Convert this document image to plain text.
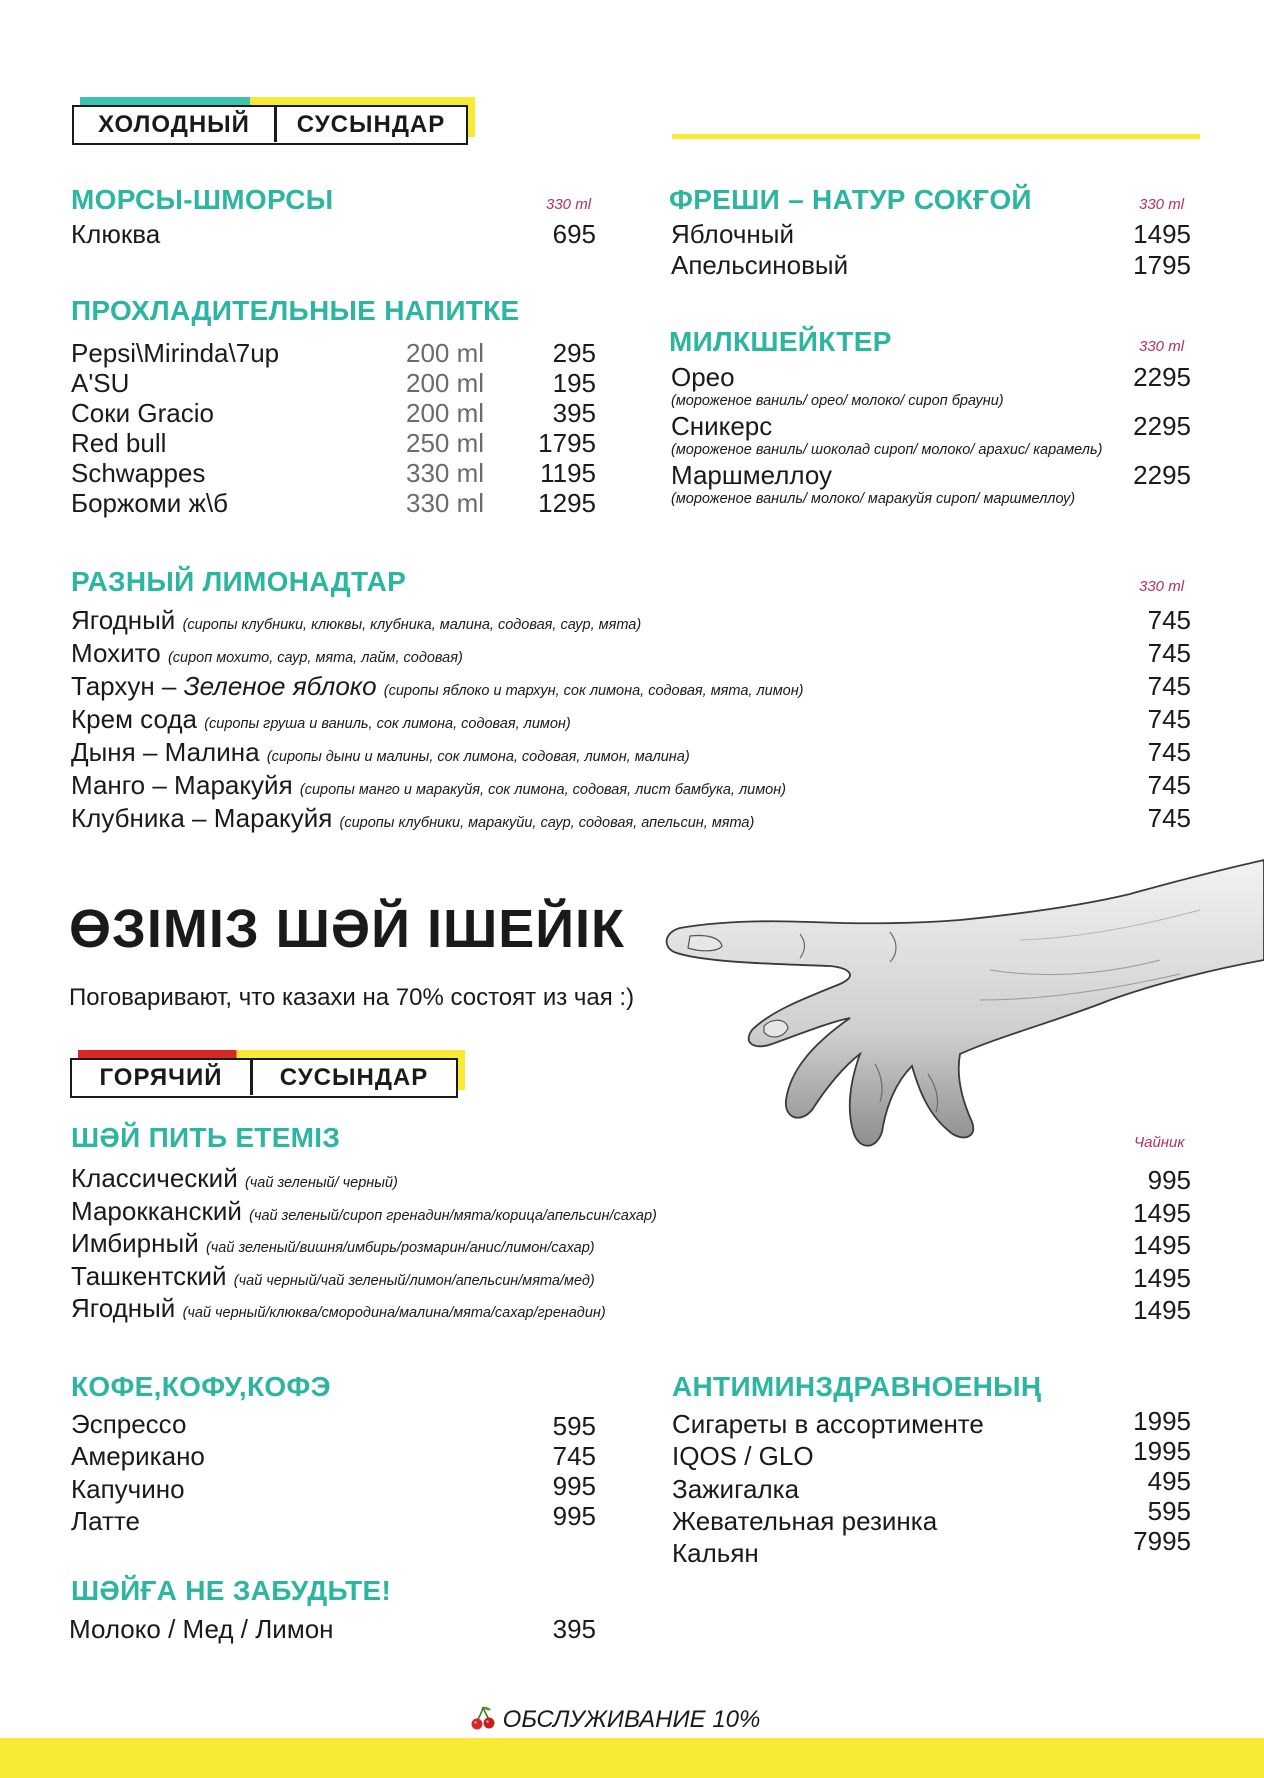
ХОЛОДНЫЙ	СУСЫНДАР
МОРСЫ-ШМОРСЫ	330 ml
Клюква	695
ФРЕШИ – НАТУР СОКҒОЙ	330 ml
Яблочный	1495
Апельсиновый	1795
ПРОХЛАДИТЕЛЬНЫЕ НАПИТКЕ
Pepsi\Mirinda\7up	200 ml	295
A'SU	200 ml	195
Соки Gracio	200 ml	395
Red bull	250 ml 1795
Schwappes	330 ml 1195
Боржоми ж\б	330 ml 1295
МИЛКШЕЙКТЕР	330 ml
Орео	2295
(мороженое ваниль/ орео/ молоко/ сироп брауни)
Сникерс	2295
(мороженое ваниль/ шоколад сироп/ молоко/ арахис/ карамель)
Маршмеллоу	2295
(мороженое ваниль/ молоко/ маракуйя сироп/ маршмеллоу)
РАЗНЫЙ ЛИМОНАДТАР	330 ml
Ягодный (сиропы клубники, клюквы, клубника, малина, содовая, саур, мята)	745
Мохито (сироп мохито, саур, мята, лайм, содовая)	745
Тархун – Зеленое яблоко (сиропы яблоко и тархун, сок лимона, содовая, мята, лимон)	745
Крем сода (сиропы груша и ваниль, сок лимона, содовая, лимон)	745
Дыня – Малина (сиропы дыни и малины, сок лимона, содовая, лимон, малина)	745
Манго – Маракуйя (сиропы манго и маракуйя, сок лимона, содовая, лист бамбука, лимон)	745
Клубника – Маракуйя (сиропы клубники, маракуйи, саур, содовая, апельсин, мята)	745
ӨЗІМІЗ ШӘЙ ІШЕЙІК
Поговаривают, что казахи на 70% состоят из чая :)
ГОРЯЧИЙ	СУСЫНДАР
ШӘЙ ПИТЬ ЕТЕМІЗ	Чайник
Классический (чай зеленый/ черный)	995
Марокканский (чай зеленый/сироп гренадин/мята/корица/апельсин/сахар)	1495
Имбирный (чай зеленый/вишня/имбирь/розмарин/анис/лимон/сахар)	1495
Ташкентский (чай черный/чай зеленый/лимон/апельсин/мята/мед)	1495
Ягодный (чай черный/клюква/смородина/малина/мята/сахар/гренадин)	1495
КОФЕ,КОФУ,КОФЭ
Эспрессо	595
Американо	745
Капучино	995
Латте	995
АНТИМИНЗДРАВНОЕНЫҢ
Сигареты в ассортименте	1995
IQOS / GLO	1995
Зажигалка	495
Жевательная резинка	595
Кальян	7995
ШӘЙҒА НЕ ЗАБУДЬТЕ!
Молоко / Мед / Лимон	395
ОБСЛУЖИВАНИЕ 10%
